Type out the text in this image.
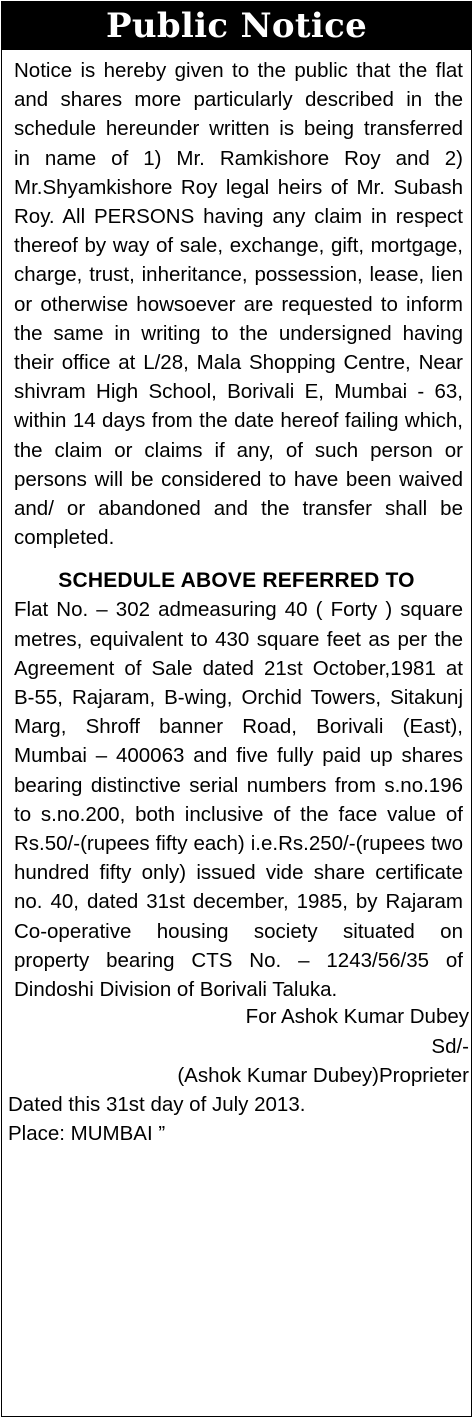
Public Notice
Notice is hereby given to the public that the flat and shares more particularly described in the schedule hereunder written is being transferred in name of 1) Mr. Ramkishore Roy and 2) Mr.Shyamkishore Roy legal heirs of Mr. Subash Roy. All PERSONS having any claim in respect thereof by way of sale, exchange, gift, mortgage, charge, trust, inheritance, possession, lease, lien or otherwise howsoever are requested to inform the same in writing to the undersigned having their office at L/28, Mala Shopping Centre, Near shivram High School, Borivali E, Mumbai - 63, within 14 days from the date hereof failing which, the claim or claims if any, of such person or persons will be considered to have been waived and/ or abandoned and the transfer shall be completed.
SCHEDULE ABOVE REFERRED TO
Flat No. – 302 admeasuring 40 ( Forty ) square metres, equivalent to 430 square feet as per the Agreement of Sale dated 21st October,1981 at B-55, Rajaram, B-wing, Orchid Towers, Sitakunj Marg, Shroff banner Road, Borivali (East), Mumbai – 400063 and five fully paid up shares bearing distinctive serial numbers from s.no.196 to s.no.200, both inclusive of the face value of Rs.50/-(rupees fifty each) i.e.Rs.250/-(rupees two hundred fifty only) issued vide share certificate no. 40, dated 31st december, 1985, by Rajaram Co-operative housing society situated on property bearing CTS No. – 1243/56/35 of Dindoshi Division of Borivali Taluka.
For Ashok Kumar Dubey
Sd/-
(Ashok Kumar Dubey)Proprieter
Dated this 31st day of July 2013.
Place: MUMBAI ”
